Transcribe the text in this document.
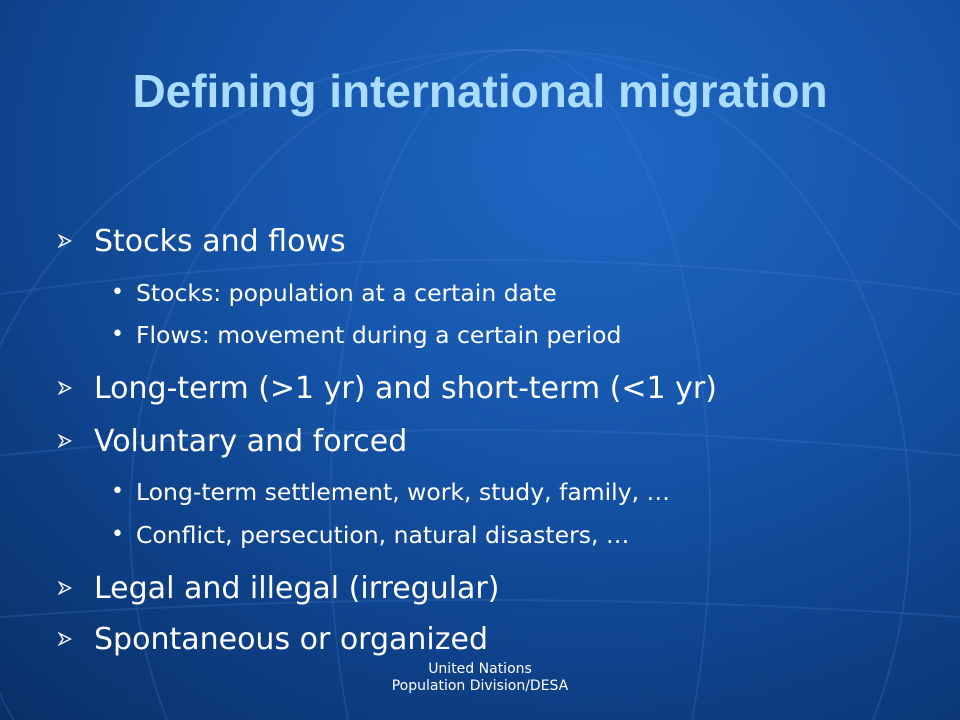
Defining international migration
Stocks and flows
• Stocks: population at a certain date
• Flows: movement during a certain period
Long-term (>1 yr) and short-term (<1 yr)
Voluntary and forced
• Long-term settlement, work, study, family, …
• Conflict, persecution, natural disasters, …
Legal and illegal (irregular)
Spontaneous or organized
United Nations
Population Division/DESA
